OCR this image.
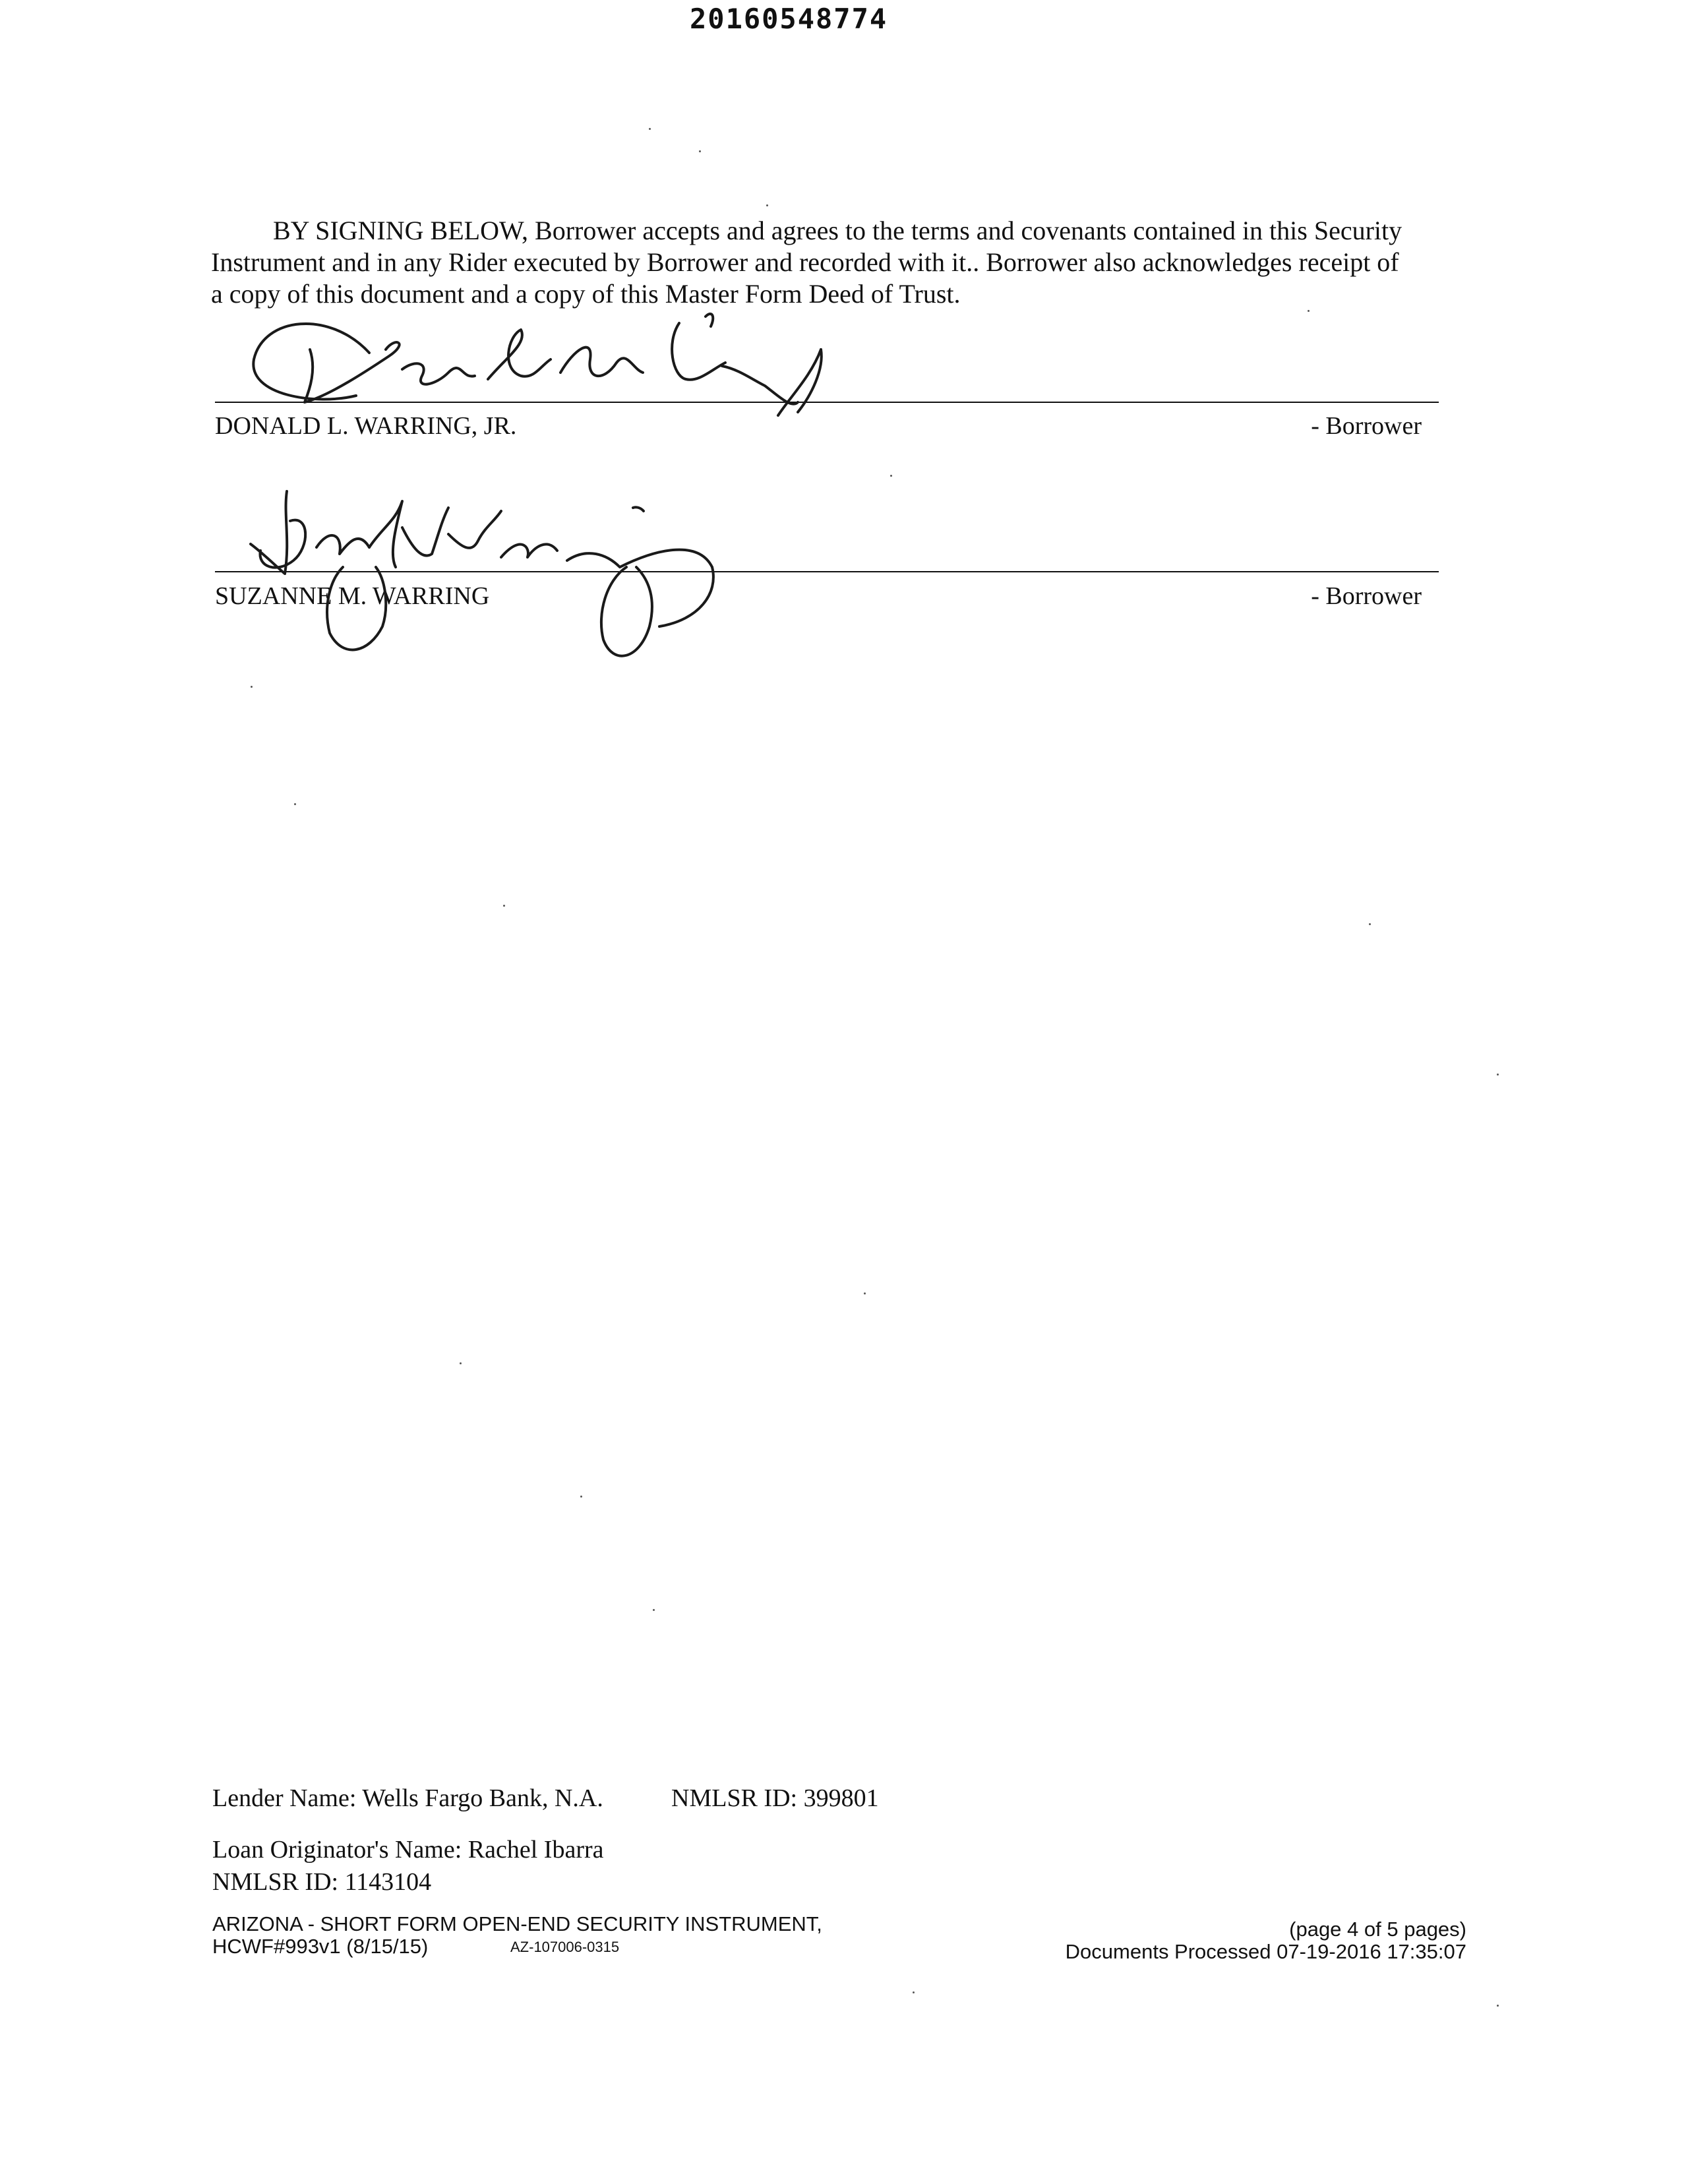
20160548774

BY SIGNING BELOW, Borrower accepts and agrees to the terms and covenants contained in this Security

Instrument and in any Rider executed by Borrower and recorded with it.. Borrower also acknowledges receipt of

a copy of this document and a copy of this Master Form Deed of Trust.

DONALD L. WARRING, JR.	- Borrower
SUZANNE M. WARRING	- Borrower
Lender Name: Wells Fargo Bank, N.A.	NMLSR ID: 399801
Loan Originator's Name: Rachel Ibarra
NMLSR ID: 1143104
ARIZONA - SHORT FORM OPEN-END SECURITY INSTRUMENT,
HCWF#993v1 (8/15/15)	AZ-107006-0315
(page 4 of 5 pages)
Documents Processed 07-19-2016 17:35:07
